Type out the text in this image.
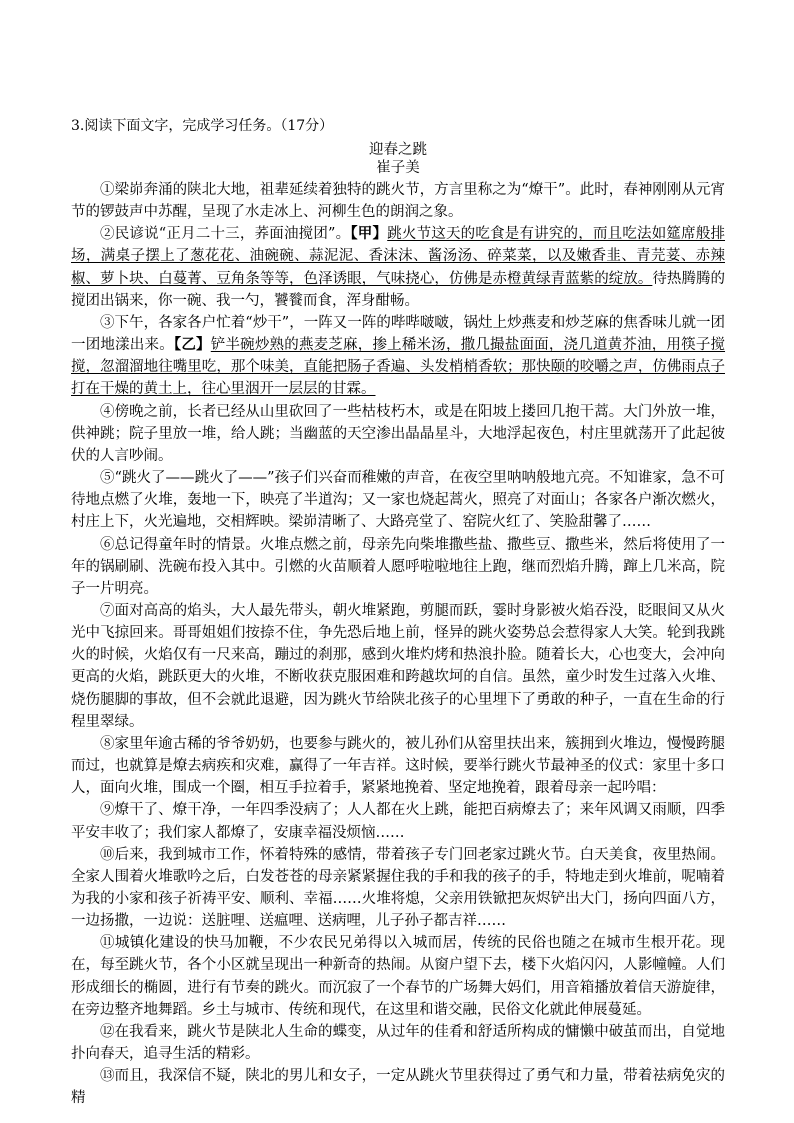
3.阅读下面文字，完成学习任务。（17分）

迎春之跳

崔子美

①梁峁奔涌的陕北大地，祖辈延续着独特的跳火节，方言里称之为“燎干”。此时，春神刚刚从元宵节的锣鼓声中苏醒，呈现了水走冰上、河柳生色的朗润之象。

②民谚说“正月二十三，荞面油搅团”。【甲】跳火节这天的吃食是有讲究的，而且吃法如筵席般排场，满桌子摆上了葱花花、油碗碗、蒜泥泥、香沫沫、酱汤汤、碎菜菜，以及嫩香韭、青芫荽、赤辣椒、萝卜块、白蔓菁、豆角条等等，色泽诱眼，气味挠心，仿佛是赤橙黄绿青蓝紫的绽放。待热腾腾的搅团出锅来，你一碗、我一勺，饕餮而食，浑身酣畅。

③下午，各家各户忙着“炒干”，一阵又一阵的哔哔啵啵，锅灶上炒燕麦和炒芝麻的焦香味儿就一团一团地漾出来。【乙】铲半碗炒熟的燕麦芝麻，掺上稀米汤，撒几撮盐面面，浇几道黄芥油，用筷子搅搅，忽溜溜地往嘴里吃，那个味美，直能把肠子香遍、头发梢梢香软；那快颐的咬嚼之声，仿佛雨点子打在干燥的黄土上，往心里洇开一层层的甘霖。

④傍晚之前，长者已经从山里砍回了一些枯枝朽木，或是在阳坡上搂回几抱干蒿。大门外放一堆，供神跳；院子里放一堆，给人跳；当幽蓝的天空渗出晶晶星斗，大地浮起夜色，村庄里就荡开了此起彼伏的人言吵闹。

⑤“跳火了——跳火了——”孩子们兴奋而稚嫩的声音，在夜空里呐呐般地亢亮。不知谁家，急不可待地点燃了火堆，轰地一下，映亮了半道沟；又一家也烧起蒿火，照亮了对面山；各家各户渐次燃火，村庄上下，火光遍地，交相辉映。梁峁清晰了、大路亮堂了、窑院火红了、笑脸甜馨了……

⑥总记得童年时的情景。火堆点燃之前，母亲先向柴堆撒些盐、撒些豆、撒些米，然后将使用了一年的锅刷刷、洗碗布投入其中。引燃的火苗顺着人愿呼啦啦地往上跑，继而烈焰升腾，蹿上几米高，院子一片明亮。

⑦面对高高的焰头，大人最先带头，朝火堆紧跑，剪腿而跃，霎时身影被火焰吞没，眨眼间又从火光中飞掠回来。哥哥姐姐们按捺不住，争先恐后地上前，怪异的跳火姿势总会惹得家人大笑。轮到我跳火的时候，火焰仅有一尺来高，蹦过的刹那，感到火堆灼烤和热浪扑脸。随着长大，心也变大，会冲向更高的火焰，跳跃更大的火堆，不断收获克服困难和跨越坎坷的自信。虽然，童少时发生过落入火堆、烧伤腿脚的事故，但不会就此退避，因为跳火节给陕北孩子的心里埋下了勇敢的种子，一直在生命的行程里翠绿。

⑧家里年逾古稀的爷爷奶奶，也要参与跳火的，被儿孙们从窑里扶出来，簇拥到火堆边，慢慢跨腿而过，也就算是燎去病疾和灾难，赢得了一年吉祥。这时候，要举行跳火节最神圣的仪式：家里十多口人，面向火堆，围成一个圈，相互手拉着手，紧紧地挽着、坚定地挽着，跟着母亲一起吟唱：

⑨燎干了、燎干净，一年四季没病了；人人都在火上跳，能把百病燎去了；来年风调又雨顺，四季平安丰收了；我们家人都燎了，安康幸福没烦恼……

⑩后来，我到城市工作，怀着特殊的感情，带着孩子专门回老家过跳火节。白天美食，夜里热闹。全家人围着火堆歌吟之后，白发苍苍的母亲紧紧握住我的手和我的孩子的手，特地走到火堆前，呢喃着为我的小家和孩子祈祷平安、顺利、幸福……火堆将熄，父亲用铁锨把灰烬铲出大门，扬向四面八方，一边扬撒，一边说：送脏哩、送瘟哩、送病哩，儿子孙子都吉祥……

⑪城镇化建设的快马加鞭，不少农民兄弟得以入城而居，传统的民俗也随之在城市生根开花。现在，每至跳火节，各个小区就呈现出一种新奇的热闹。从窗户望下去，楼下火焰闪闪，人影幢幢。人们形成细长的椭圆，进行有节奏的跳火。而沉寂了一个春节的广场舞大妈们，用音箱播放着信天游旋律，在旁边整齐地舞蹈。乡土与城市、传统和现代，在这里和谐交融，民俗文化就此伸展蔓延。

⑫在我看来，跳火节是陕北人生命的蝶变，从过年的佳肴和舒适所构成的慵懒中破茧而出，自觉地扑向春天，追寻生活的精彩。

⑬而且，我深信不疑，陕北的男儿和女子，一定从跳火节里获得过了勇气和力量，带着祛病免灾的精
